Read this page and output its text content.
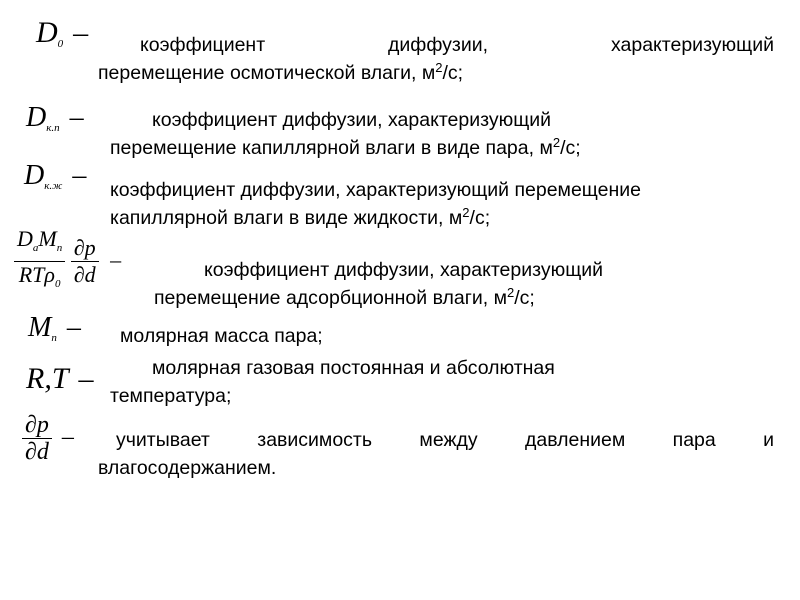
$D_0$ –	коэффициент	диффузии,	характеризующий
перемещение осмотической влаги, $м^2/с$;
$D_{к.п}$ –	коэффициент диффузии, характеризующий
перемещение капиллярной влаги в виде пара, $м^2/с$;
$D_{к.ж}$ – коэффициент диффузии, характеризующий перемещение
капиллярной влаги в виде жидкости, $м^2/с$;
$\frac{D_aM_п}{RT\rho_0}$
$\frac{\partial p}{\partial d}$ –	коэффициент диффузии, характеризующий
перемещение адсорбционной влаги, $м^2/с$;
$M_п$ – молярная масса пара;
R,T –	молярная газовая постоянная и абсолютная
температура;
$\frac{\partial p}{\partial d}$ –	учитывает зависимость между давлением пара и
влагосодержанием.
